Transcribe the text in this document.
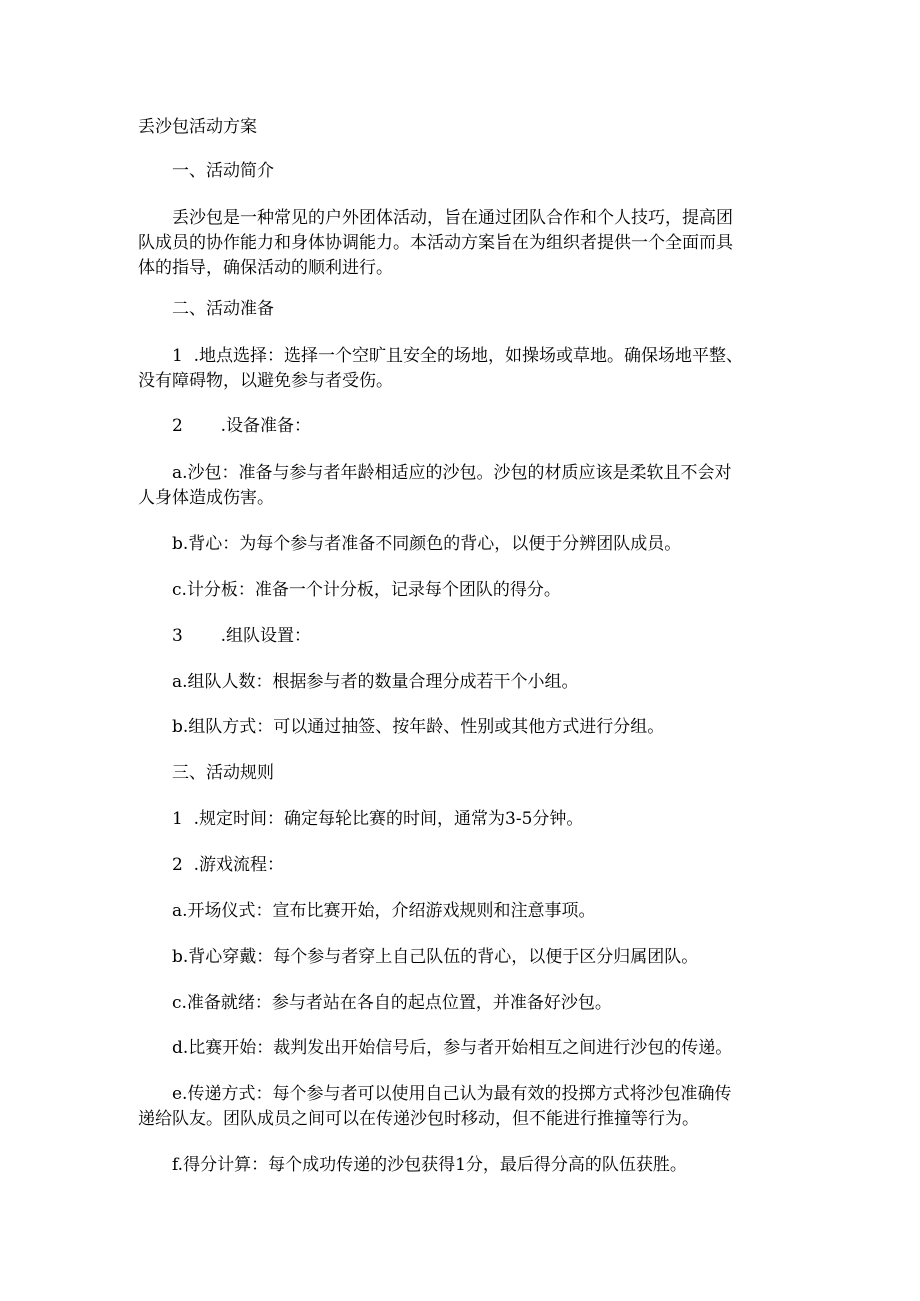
丢沙包活动方案
一、活动简介
丢沙包是一种常见的户外团体活动，旨在通过团队合作和个人技巧，提高团
队成员的协作能力和身体协调能力。本活动方案旨在为组织者提供一个全面而具
体的指导，确保活动的顺利进行。
二、活动准备
1 .地点选择：选择一个空旷且安全的场地，如操场或草地。确保场地平整、
没有障碍物，以避免参与者受伤。
2 .设备准备：
a.沙包：准备与参与者年龄相适应的沙包。沙包的材质应该是柔软且不会对
人身体造成伤害。
b.背心：为每个参与者准备不同颜色的背心，以便于分辨团队成员。
c.计分板：准备一个计分板，记录每个团队的得分。
3 .组队设置：
a.组队人数：根据参与者的数量合理分成若干个小组。
b.组队方式：可以通过抽签、按年龄、性别或其他方式进行分组。
三、活动规则
1 .规定时间：确定每轮比赛的时间，通常为3-5分钟。
2 .游戏流程：
a.开场仪式：宣布比赛开始，介绍游戏规则和注意事项。
b.背心穿戴：每个参与者穿上自己队伍的背心，以便于区分归属团队。
c.准备就绪：参与者站在各自的起点位置，并准备好沙包。
d.比赛开始：裁判发出开始信号后，参与者开始相互之间进行沙包的传递。
e.传递方式：每个参与者可以使用自己认为最有效的投掷方式将沙包准确传
递给队友。团队成员之间可以在传递沙包时移动，但不能进行推撞等行为。
f.得分计算：每个成功传递的沙包获得1分，最后得分高的队伍获胜。
